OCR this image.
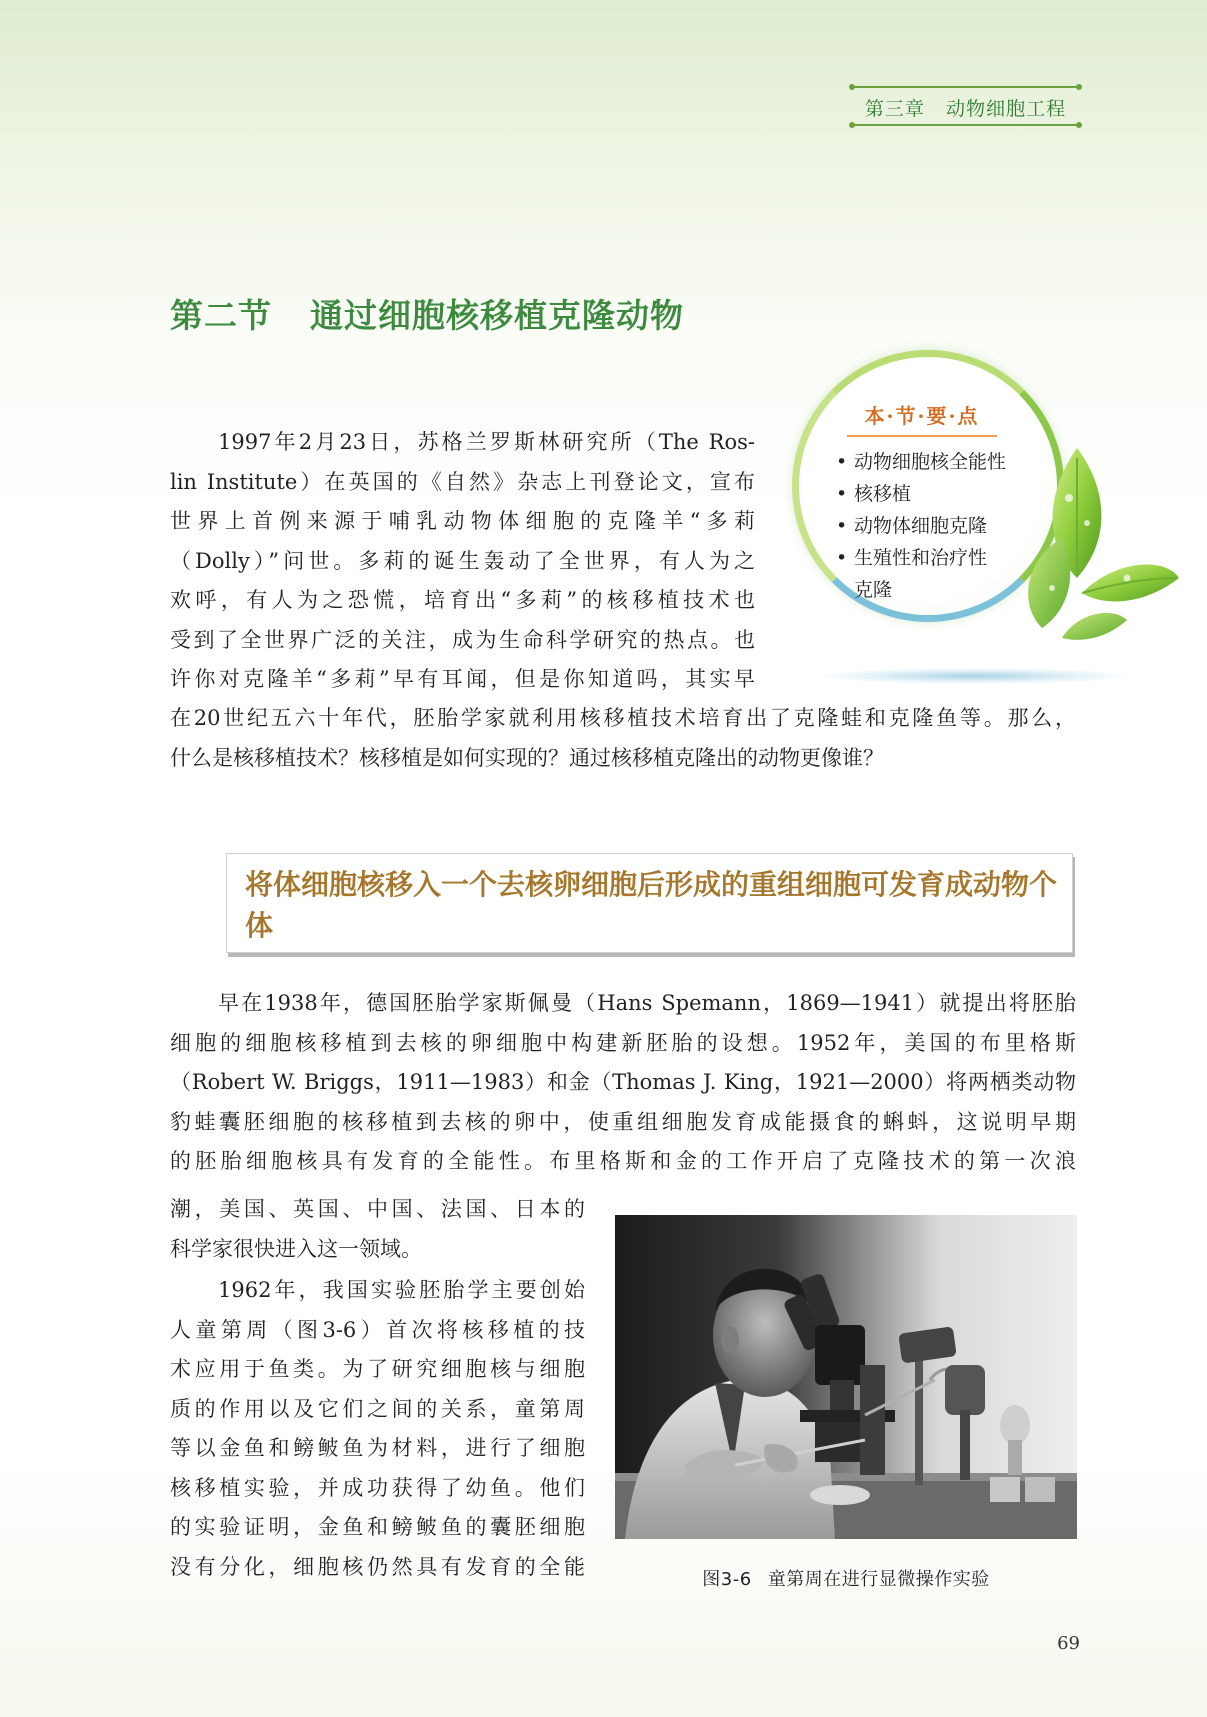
第三章 动物细胞工程
第二节 通过细胞核移植克隆动物
本·节·要·点
• 动物细胞核全能性
• 核移植
• 动物体细胞克隆
• 生殖性和治疗性克隆
1997年2月23日，苏格兰罗斯林研究所（The Ros-
lin Institute）在英国的《自然》杂志上刊登论文，宣布
世界上首例来源于哺乳动物体细胞的克隆羊“多莉
（Dolly）”问世。多莉的诞生轰动了全世界，有人为之
欢呼，有人为之恐慌，培育出“多莉”的核移植技术也
受到了全世界广泛的关注，成为生命科学研究的热点。也
许你对克隆羊“多莉”早有耳闻，但是你知道吗，其实早
在20世纪五六十年代，胚胎学家就利用核移植技术培育出了克隆蛙和克隆鱼等。那么，
什么是核移植技术？核移植是如何实现的？通过核移植克隆出的动物更像谁？
将体细胞核移入一个去核卵细胞后形成的重组细胞可发育成动物个体
早在1938年，德国胚胎学家斯佩曼（Hans Spemann，1869—1941）就提出将胚胎
细胞的细胞核移植到去核的卵细胞中构建新胚胎的设想。1952年，美国的布里格斯
（Robert W. Briggs，1911—1983）和金（Thomas J. King，1921—2000）将两栖类动物
豹蛙囊胚细胞的核移植到去核的卵中，使重组细胞发育成能摄食的蝌蚪，这说明早期
的胚胎细胞核具有发育的全能性。布里格斯和金的工作开启了克隆技术的第一次浪
潮，美国、英国、中国、法国、日本的
科学家很快进入这一领域。
1962年，我国实验胚胎学主要创始
人童第周（图3-6）首次将核移植的技
术应用于鱼类。为了研究细胞核与细胞
质的作用以及它们之间的关系，童第周
等以金鱼和鳑鲏鱼为材料，进行了细胞
核移植实验，并成功获得了幼鱼。他们
的实验证明，金鱼和鳑鲏鱼的囊胚细胞
没有分化，细胞核仍然具有发育的全能
图3-6 童第周在进行显微操作实验
69
